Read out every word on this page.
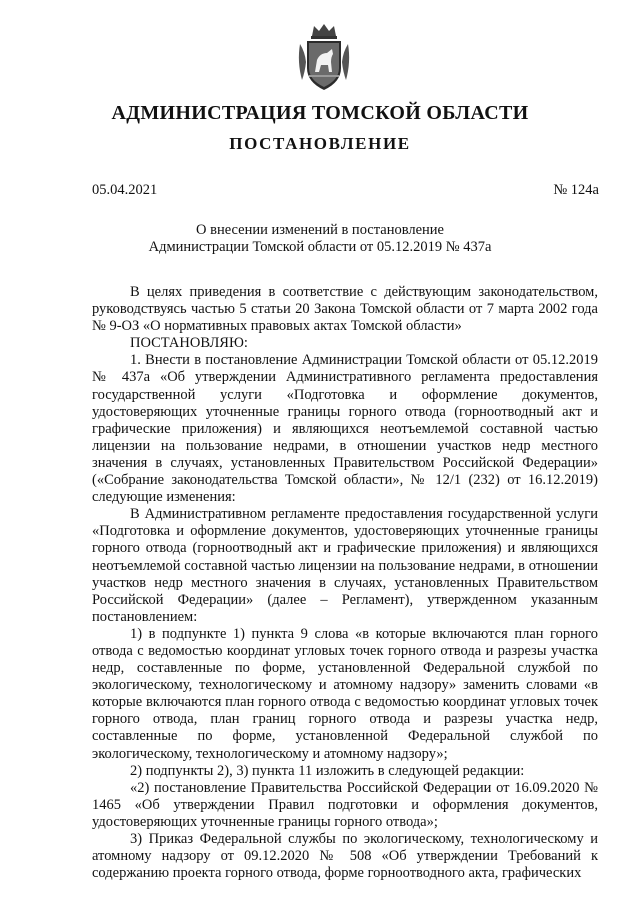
АДМИНИСТРАЦИЯ ТОМСКОЙ ОБЛАСТИ
ПОСТАНОВЛЕНИЕ
05.04.2021	№ 124а
О внесении изменений в постановление
Администрации Томской области от 05.12.2019 № 437а

В целях приведения в соответствие с действующим законодательством, руководствуясь частью 5 статьи 20 Закона Томской области от 7 марта 2002 года № 9-ОЗ «О нормативных правовых актах Томской области»

ПОСТАНОВЛЯЮ:

1. Внести в постановление Администрации Томской области от 05.12.2019 № 437а «Об утверждении Административного регламента предоставления государственной услуги «Подготовка и оформление документов, удостоверяющих уточненные границы горного отвода (горноотводный акт и графические приложения) и являющихся неотъемлемой составной частью лицензии на пользование недрами, в отношении участков недр местного значения в случаях, установленных Правительством Российской Федерации» («Собрание законодательства Томской области», № 12/1 (232) от 16.12.2019) следующие изменения:

В Административном регламенте предоставления государственной услуги «Подготовка и оформление документов, удостоверяющих уточненные границы горного отвода (горноотводный акт и графические приложения) и являющихся неотъемлемой составной частью лицензии на пользование недрами, в отношении участков недр местного значения в случаях, установленных Правительством Российской Федерации» (далее – Регламент), утвержденном указанным постановлением:

1) в подпункте 1) пункта 9 слова «в которые включаются план горного отвода с ведомостью координат угловых точек горного отвода и разрезы участка недр, составленные по форме, установленной Федеральной службой по экологическому, технологическому и атомному надзору» заменить словами «в которые включаются план горного отвода с ведомостью координат угловых точек горного отвода, план границ горного отвода и разрезы участка недр, составленные по форме, установленной Федеральной службой по экологическому, технологическому и атомному надзору»;

2) подпункты 2), 3) пункта 11 изложить в следующей редакции:

«2) постановление Правительства Российской Федерации от 16.09.2020 № 1465 «Об утверждении Правил подготовки и оформления документов, удостоверяющих уточненные границы горного отвода»;

3) Приказ Федеральной службы по экологическому, технологическому и атомному надзору от 09.12.2020 № 508 «Об утверждении Требований к содержанию проекта горного отвода, форме горноотводного акта, графических
